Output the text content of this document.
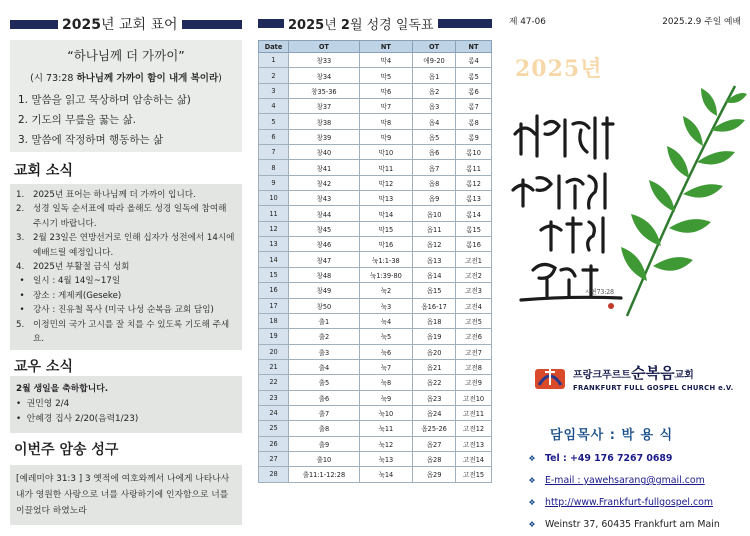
2025년 교회 표어
“하나님께 더 가까이”
(시 73:28 하나님께 가까이 함이 내게 복이라)
1. 말씀을 읽고 묵상하며 암송하는 삶)
2. 기도의 무릎을 꿇는 삶.
3. 말씀에 작정하며 행동하는 삶
교회 소식
1.	2025년 표어는 하나님께 더 가까이 입니다.
2.	성경 일독 순서표에 따라 올해도 성경 일독에 참여해 주시기 바랍니다.
3.	2월 23일은 연방선거로 인해 십자가 성전에서 14시에 예배드릴 예정입니다.
4.	2025년 부활절 금식 성회
• 일시 : 4월 14일~17일
• 장소 : 게제케(Geseke)
• 강사 : 진유철 목사 (미국 나성 순복음 교회 담임)
5.	이정민의 국가 고시를 잘 치를 수 있도록 기도해 주세요.
교우 소식
2월 생일을 축하합니다.
•  권민영 2/4
•  안혜경 집사 2/20(음력1/23)
이번주 암송 성구
[예레미야 31:3 ] 3 옛적에 여호와께서 나에게 나타나사 내가 영원한 사랑으로 너를 사랑하기에 인자함으로 너를 이끌었다 하였노라
2025년 2월 성경 일독표
Date	OT	NT	OT	NT
1	창33	막4	애9-20	롬4
2	창34	막5	옵1	롬5
3	창35-36	막6	옵2	롬6
4	창37	막7	옵3	롬7
5	창38	막8	옵4	롬8
6	창39	막9	옵5	롬9
7	창40	막10	옵6	롬10
8	창41	막11	옵7	롬11
9	창42	막12	옵8	롬12
10	창43	막13	옵9	롬13
11	창44	막14	옵10	롬14
12	창45	막15	옵11	롬15
13	창46	막16	옵12	롬16
14	창47	눅1:1-38	옵13	고전1
15	창48	눅1:39-80	옵14	고전2
16	창49	눅2	옵15	고전3
17	창50	눅3	옵16-17	고전4
18	출1	눅4	옵18	고전5
19	출2	눅5	옵19	고전6
20	출3	눅6	옵20	고전7
21	출4	눅7	옵21	고전8
22	출5	눅8	옵22	고전9
23	출6	눅9	옵23	고전10
24	출7	눅10	옵24	고전11
25	출8	눅11	옵25-26	고전12
26	출9	눅12	옵27	고전13
27	출10	눅13	옵28	고전14
28	출11:1-12:28	눅14	옵29	고전15
제 47-06	2025.2.9 주일 예배
2025년
시편73:28
프랑크푸르트순복음교회
FRANKFURT FULL GOSPEL CHURCH e.V.
담임목사 : 박 용 식
❖ Tel : +49 176 7267 0689
❖ E-mail : yawehsarang@gmail.com
❖ http://www.Frankfurt-fullgospel.com
❖ Weinstr 37, 60435 Frankfurt am Main
